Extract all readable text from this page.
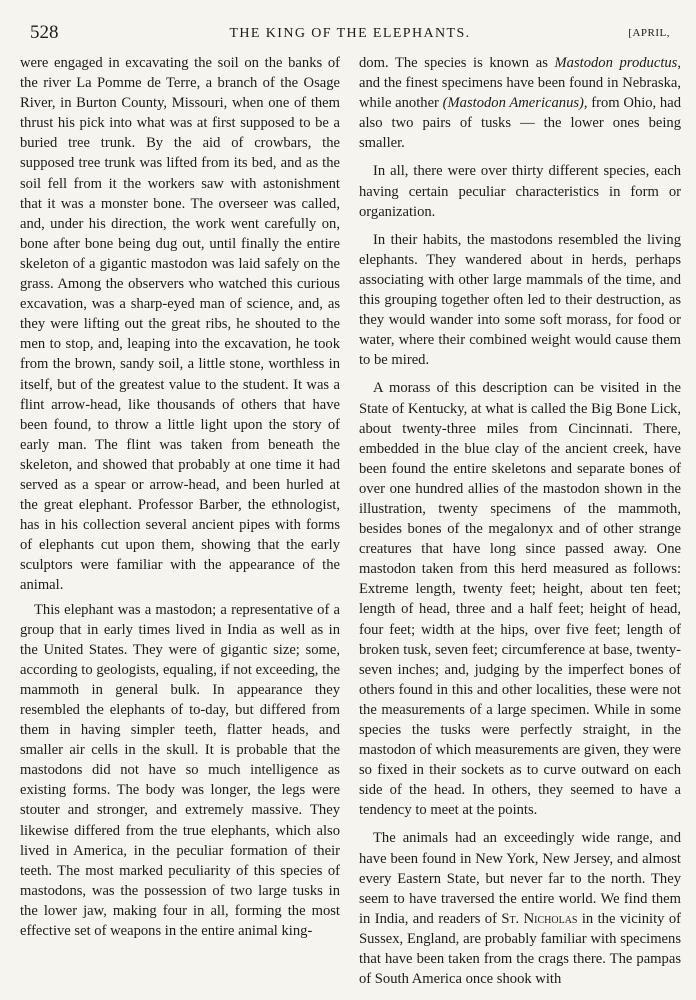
528	THE KING OF THE ELEPHANTS.	[APRIL,

were engaged in excavating the soil on the banks of the river La Pomme de Terre, a branch of the Osage River, in Burton County, Missouri, when one of them thrust his pick into what was at first supposed to be a buried tree trunk. By the aid of crowbars, the supposed tree trunk was lifted from its bed, and as the soil fell from it the workers saw with astonishment that it was a monster bone. The overseer was called, and, under his direction, the work went carefully on, bone after bone being dug out, until finally the entire skeleton of a gigantic mastodon was laid safely on the grass. Among the observers who watched this curious excavation, was a sharp-eyed man of science, and, as they were lifting out the great ribs, he shouted to the men to stop, and, leaping into the excavation, he took from the brown, sandy soil, a little stone, worthless in itself, but of the greatest value to the student. It was a flint arrow-head, like thousands of others that have been found, to throw a little light upon the story of early man. The flint was taken from beneath the skeleton, and showed that probably at one time it had served as a spear or arrow-head, and been hurled at the great elephant. Professor Barber, the ethnologist, has in his collection several ancient pipes with forms of elephants cut upon them, showing that the early sculptors were familiar with the appearance of the animal.

This elephant was a mastodon; a representative of a group that in early times lived in India as well as in the United States. They were of gigantic size; some, according to geologists, equaling, if not exceeding, the mammoth in general bulk. In appearance they resembled the elephants of to-day, but differed from them in having simpler teeth, flatter heads, and smaller air cells in the skull. It is probable that the mastodons did not have so much intelligence as existing forms. The body was longer, the legs were stouter and stronger, and extremely massive. They likewise differed from the true elephants, which also lived in America, in the peculiar formation of their teeth. The most marked peculiarity of this species of mastodons, was the possession of two large tusks in the lower jaw, making four in all, forming the most effective set of weapons in the entire animal king-

dom. The species is known as Mastodon productus, and the finest specimens have been found in Nebraska, while another (Mastodon Americanus), from Ohio, had also two pairs of tusks — the lower ones being smaller.

In all, there were over thirty different species, each having certain peculiar characteristics in form or organization.

In their habits, the mastodons resembled the living elephants. They wandered about in herds, perhaps associating with other large mammals of the time, and this grouping together often led to their destruction, as they would wander into some soft morass, for food or water, where their combined weight would cause them to be mired.

A morass of this description can be visited in the State of Kentucky, at what is called the Big Bone Lick, about twenty-three miles from Cincinnati. There, embedded in the blue clay of the ancient creek, have been found the entire skeletons and separate bones of over one hundred allies of the mastodon shown in the illustration, twenty specimens of the mammoth, besides bones of the megalonyx and of other strange creatures that have long since passed away. One mastodon taken from this herd measured as follows: Extreme length, twenty feet; height, about ten feet; length of head, three and a half feet; height of head, four feet; width at the hips, over five feet; length of broken tusk, seven feet; circumference at base, twenty-seven inches; and, judging by the imperfect bones of others found in this and other localities, these were not the measurements of a large specimen. While in some species the tusks were perfectly straight, in the mastodon of which measurements are given, they were so fixed in their sockets as to curve outward on each side of the head. In others, they seemed to have a tendency to meet at the points.

The animals had an exceedingly wide range, and have been found in New York, New Jersey, and almost every Eastern State, but never far to the north. They seem to have traversed the entire world. We find them in India, and readers of St. Nicholas in the vicinity of Sussex, England, are probably familiar with specimens that have been taken from the crags there. The pampas of South America once shook with
